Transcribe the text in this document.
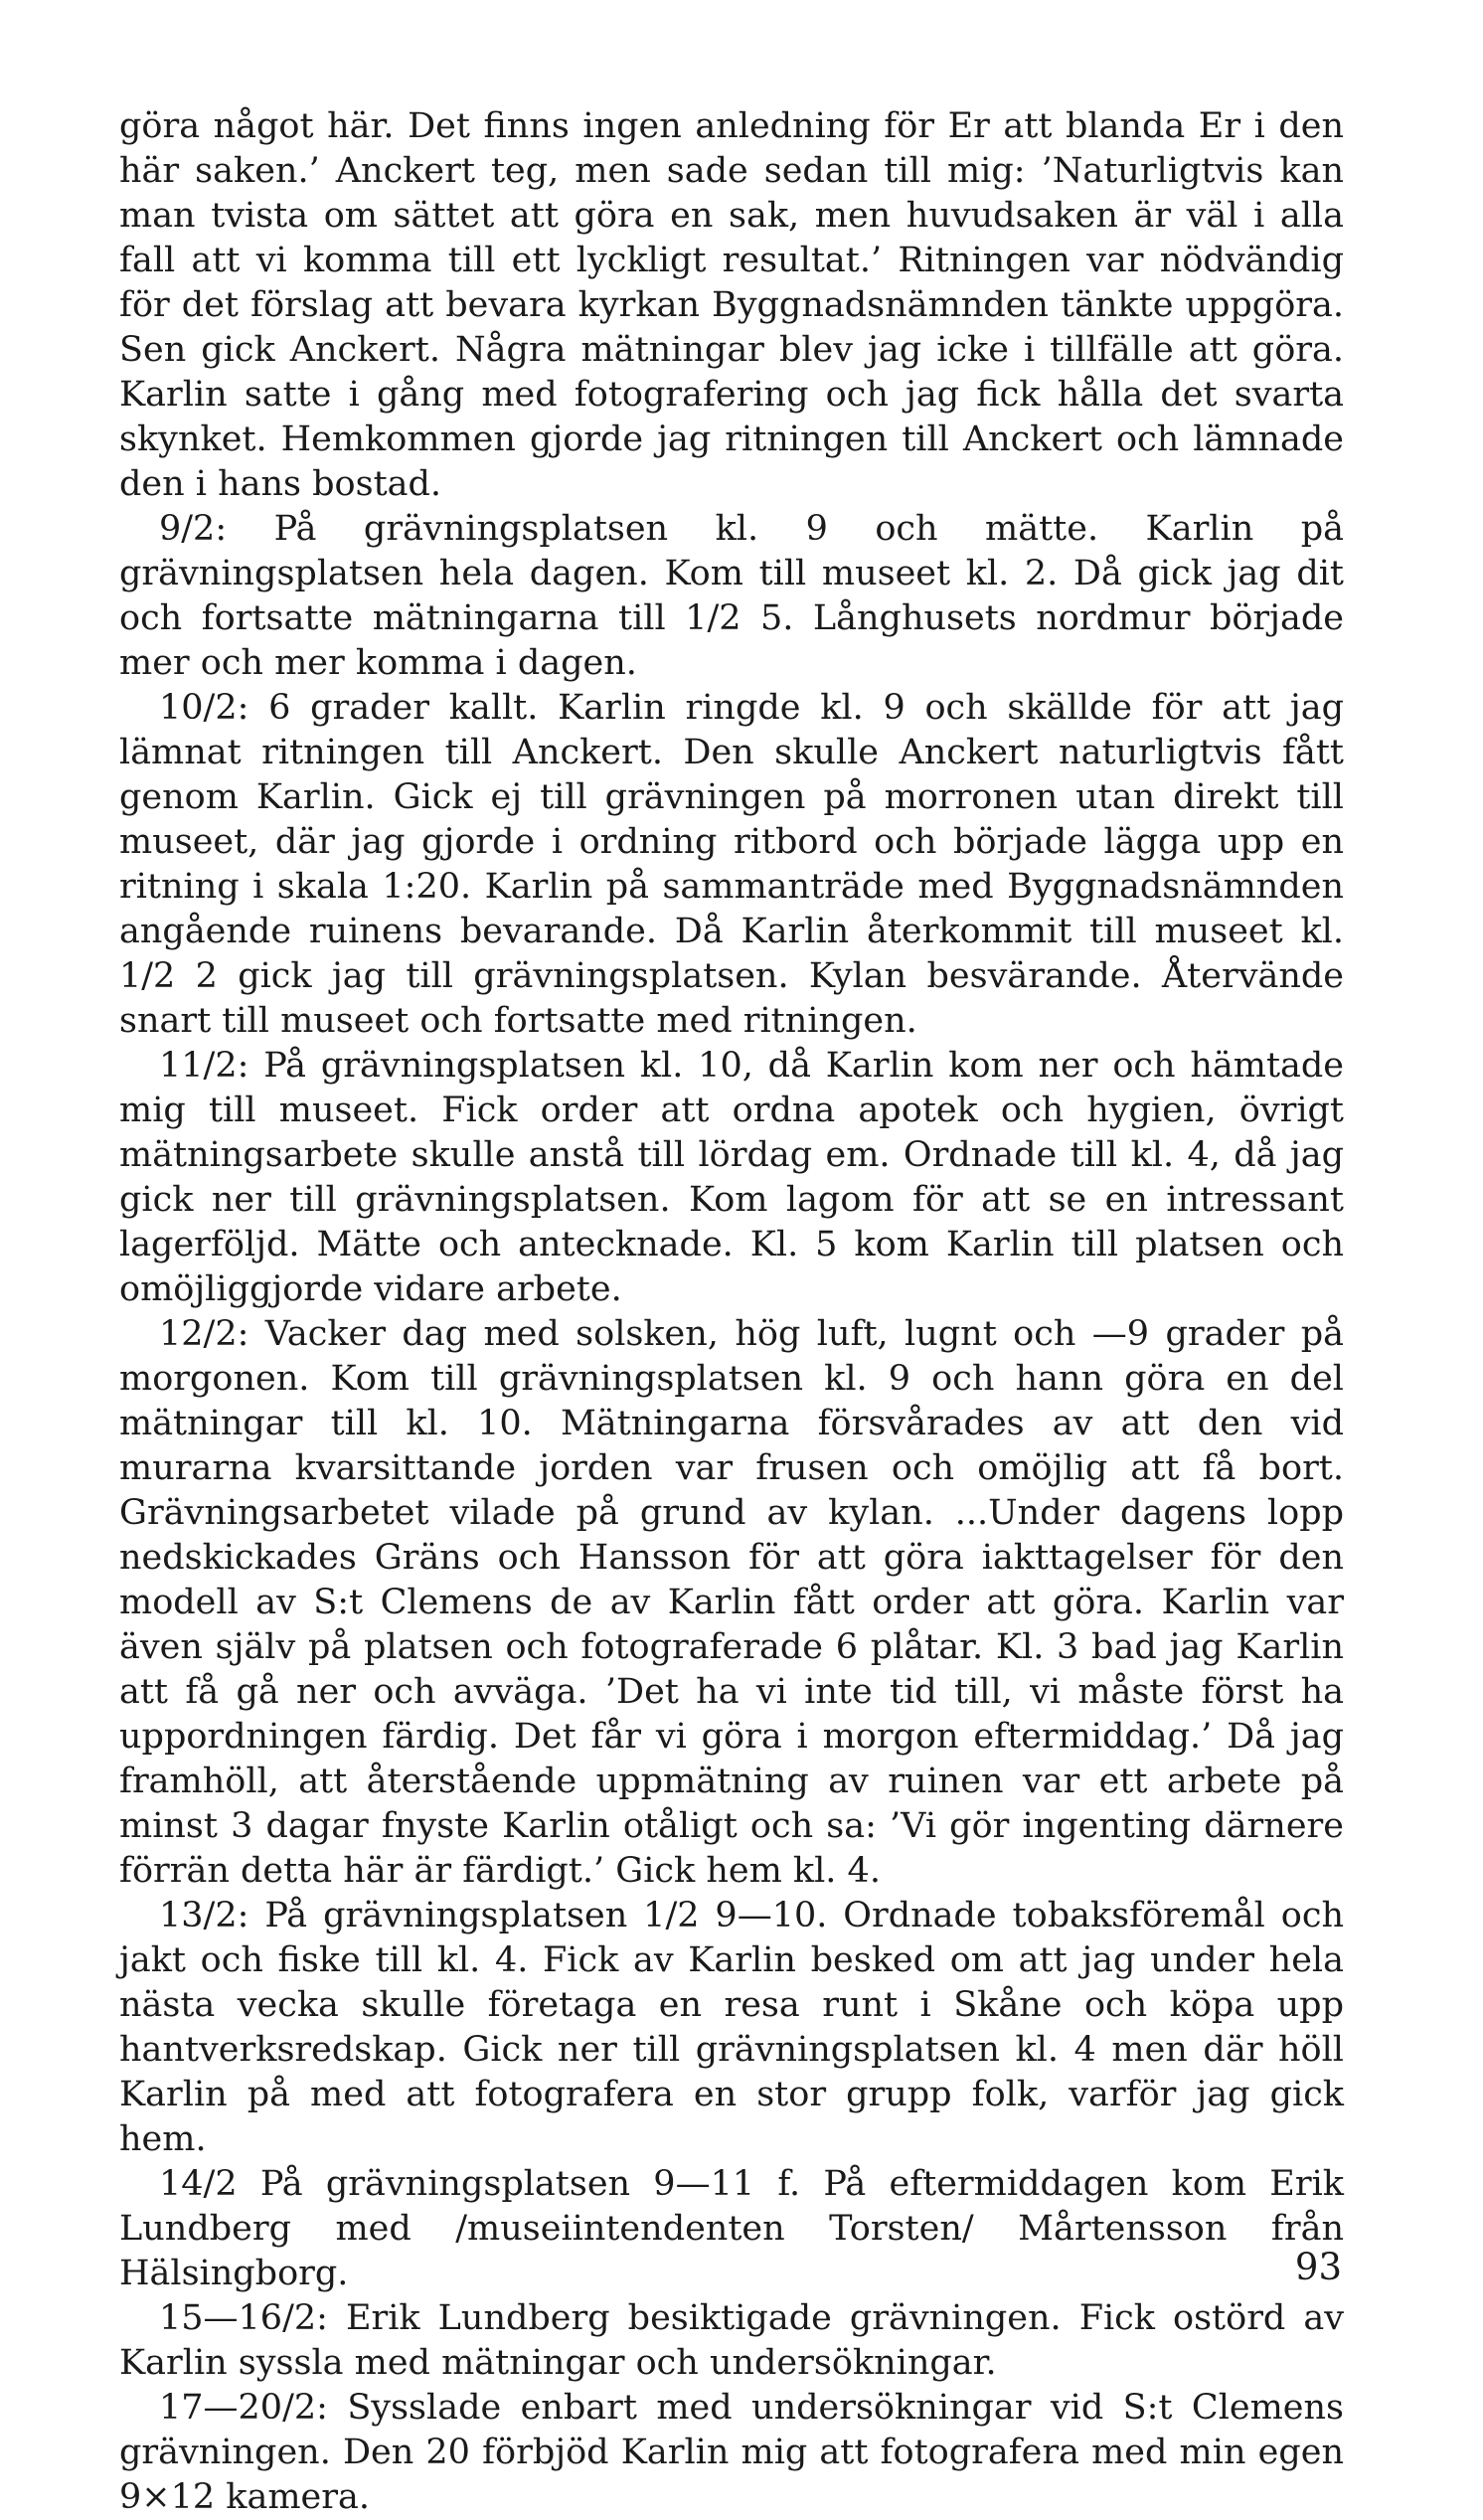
göra något här. Det finns ingen anledning för Er att blanda Er i den här saken.’ Anckert teg, men sade sedan till mig: ’Naturligtvis kan man tvista om sättet att göra en sak, men huvudsaken är väl i alla fall att vi komma till ett lyckligt resultat.’ Ritningen var nödvändig för det förslag att bevara kyrkan Byggnadsnämnden tänkte uppgöra. Sen gick Anckert. Några mätningar blev jag icke i tillfälle att göra. Karlin satte i gång med fotografering och jag fick hålla det svarta skynket. Hemkommen gjorde jag ritningen till Anckert och lämnade den i hans bostad.

9/2: På grävningsplatsen kl. 9 och mätte. Karlin på grävningsplatsen hela dagen. Kom till museet kl. 2. Då gick jag dit och fortsatte mätningarna till 1/2 5. Långhusets nordmur började mer och mer komma i dagen.

10/2: 6 grader kallt. Karlin ringde kl. 9 och skällde för att jag lämnat ritningen till Anckert. Den skulle Anckert naturligtvis fått genom Karlin. Gick ej till grävningen på morronen utan direkt till museet, där jag gjorde i ordning ritbord och började lägga upp en ritning i skala 1:20. Karlin på sammanträde med Byggnadsnämnden angående ruinens bevarande. Då Karlin återkommit till museet kl. 1/2 2 gick jag till grävningsplatsen. Kylan besvärande. Återvände snart till museet och fortsatte med ritningen.

11/2: På grävningsplatsen kl. 10, då Karlin kom ner och hämtade mig till museet. Fick order att ordna apotek och hygien, övrigt mätningsarbete skulle anstå till lördag em. Ordnade till kl. 4, då jag gick ner till grävningsplatsen. Kom lagom för att se en intressant lagerföljd. Mätte och antecknade. Kl. 5 kom Karlin till platsen och omöjliggjorde vidare arbete.

12/2: Vacker dag med solsken, hög luft, lugnt och —9 grader på morgonen. Kom till grävningsplatsen kl. 9 och hann göra en del mätningar till kl. 10. Mätningarna försvårades av att den vid murarna kvarsittande jorden var frusen och omöjlig att få bort. Grävningsarbetet vilade på grund av kylan. ...Under dagens lopp nedskickades Gräns och Hansson för att göra iakttagelser för den modell av S:t Clemens de av Karlin fått order att göra. Karlin var även själv på platsen och fotograferade 6 plåtar. Kl. 3 bad jag Karlin att få gå ner och avväga. ’Det ha vi inte tid till, vi måste först ha uppordningen färdig. Det får vi göra i morgon eftermiddag.’ Då jag framhöll, att återstående uppmätning av ruinen var ett arbete på minst 3 dagar fnyste Karlin otåligt och sa: ’Vi gör ingenting därnere förrän detta här är färdigt.’ Gick hem kl. 4.

13/2: På grävningsplatsen 1/2 9—10. Ordnade tobaksföremål och jakt och fiske till kl. 4. Fick av Karlin besked om att jag under hela nästa vecka skulle företaga en resa runt i Skåne och köpa upp hantverksredskap. Gick ner till grävningsplatsen kl. 4 men där höll Karlin på med att fotografera en stor grupp folk, varför jag gick hem.

14/2 På grävningsplatsen 9—11 f. På eftermiddagen kom Erik Lundberg med /museiintendenten Torsten/ Mårtensson från Hälsingborg.

15—16/2: Erik Lundberg besiktigade grävningen. Fick ostörd av Karlin syssla med mätningar och undersökningar.

17—20/2: Sysslade enbart med undersökningar vid S:t Clemens grävningen. Den 20 förbjöd Karlin mig att fotografera med min egen 9×12 kamera.

93
